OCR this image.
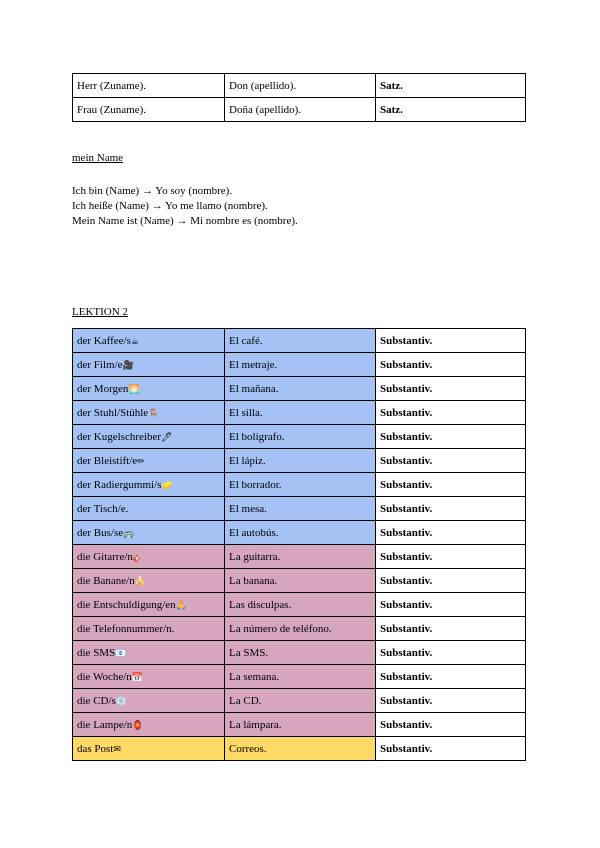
Herr (Zuname).	Don (apellido).	Satz.
Frau (Zuname).	Doña (apellido).	Satz.
mein Name
Ich bin (Name) → Yo soy (nombre).
Ich heiße (Name) → Yo me llamo (nombre).
Mein Name ist (Name) → Mi nombre es (nombre).
LEKTION 2
der Kaffee/s☕	El café.	Substantiv.
der Film/e🎥	El metraje.	Substantiv.
der Morgen🌅	El mañana.	Substantiv.
der Stuhl/Stühle🪑	El silla.	Substantiv.
der Kugelschreiber🖊	El bolígrafo.	Substantiv.
der Bleistift/e✏	El lápiz.	Substantiv.
der Radiergummi/s🧽	El borrador.	Substantiv.
der Tisch/e.	El mesa.	Substantiv.
der Bus/se🚌	El autobús.	Substantiv.
die Gitarre/n🎸	La guitarra.	Substantiv.
die Banane/n🍌	La banana.	Substantiv.
die Entschuldigung/en🙏	Las disculpas.	Substantiv.
die Telefonnummer/n.	La número de teléfono.	Substantiv.
die SMS📧	La SMS.	Substantiv.
die Woche/n📅	La semana.	Substantiv.
die CD/s💿	La CD.	Substantiv.
die Lampe/n🏮	La lámpara.	Substantiv.
das Post✉	Correos.	Substantiv.
